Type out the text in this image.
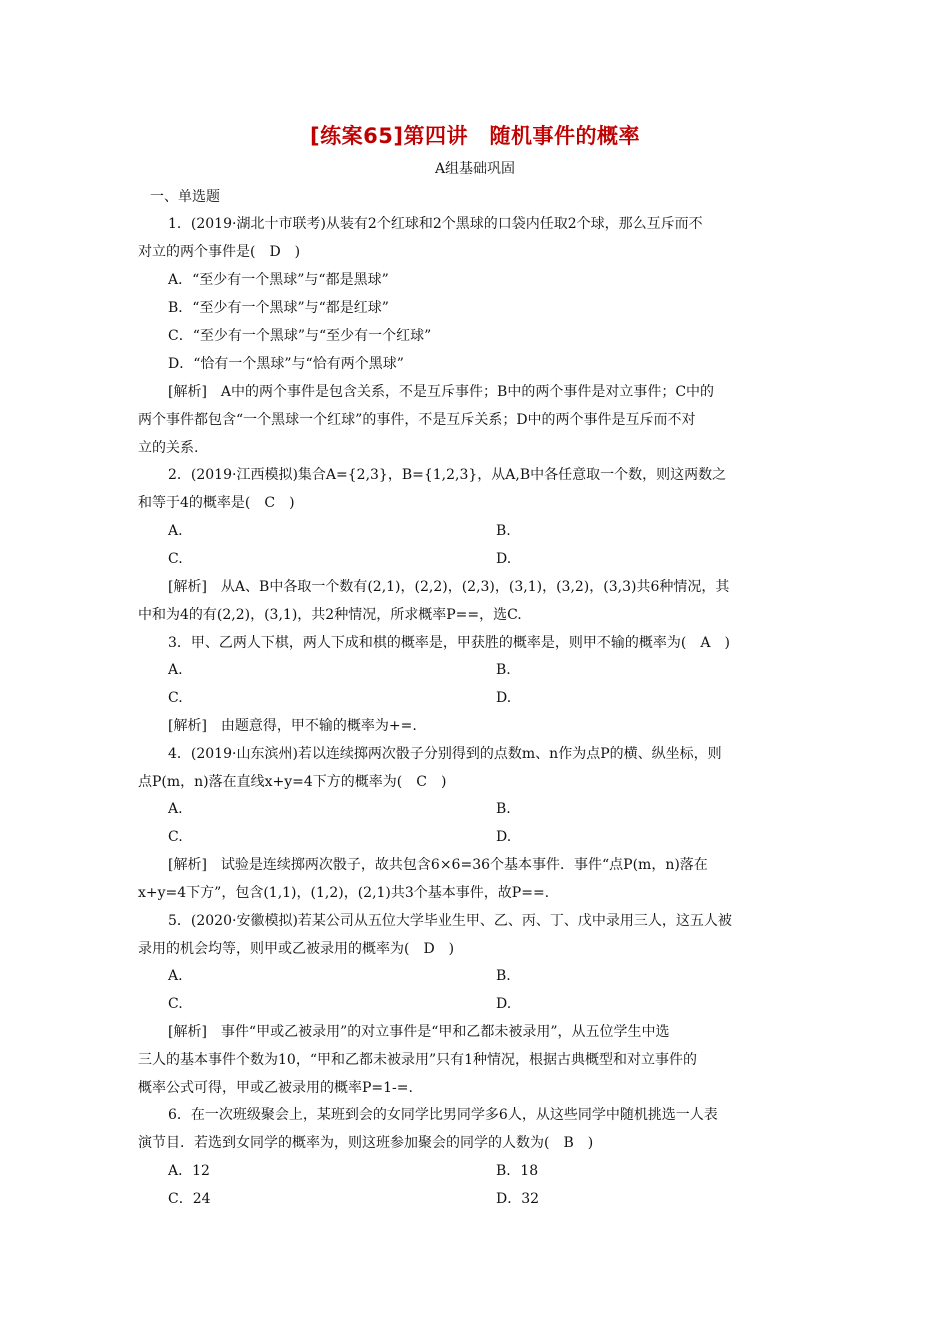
[练案65]第四讲　随机事件的概率
A组基础巩固
一、单选题
1．(2019·湖北十市联考)从装有2个红球和2个黑球的口袋内任取2个球，那么互斥而不
对立的两个事件是(　D　)
A．“至少有一个黑球”与“都是黑球”
B．“至少有一个黑球”与“都是红球”
C．“至少有一个黑球”与“至少有一个红球”
D．“恰有一个黑球”与“恰有两个黑球”
[解析]　A中的两个事件是包含关系，不是互斥事件；B中的两个事件是对立事件；C中的
两个事件都包含“一个黑球一个红球”的事件，不是互斥关系；D中的两个事件是互斥而不对
立的关系.
2．(2019·江西模拟)集合A={2,3}，B={1,2,3}，从A,B中各任意取一个数，则这两数之
和等于4的概率是(　C　)
A.	B.
C.	D.
[解析]　从A、B中各取一个数有(2,1)，(2,2)，(2,3)，(3,1)，(3,2)，(3,3)共6种情况，其
中和为4的有(2,2)，(3,1)，共2种情况，所求概率P==，选C.
3．甲、乙两人下棋，两人下成和棋的概率是，甲获胜的概率是，则甲不输的概率为(　A　)
A.	B.
C.	D.
[解析]　由题意得，甲不输的概率为+=.
4．(2019·山东滨州)若以连续掷两次骰子分别得到的点数m、n作为点P的横、纵坐标，则
点P(m，n)落在直线x+y=4下方的概率为(　C　)
A.	B.
C.	D.
[解析]　试验是连续掷两次骰子，故共包含6×6=36个基本事件．事件“点P(m，n)落在
x+y=4下方”，包含(1,1)，(1,2)，(2,1)共3个基本事件，故P==.
5．(2020·安徽模拟)若某公司从五位大学毕业生甲、乙、丙、丁、戊中录用三人，这五人被
录用的机会均等，则甲或乙被录用的概率为(　D　)
A.	B.
C.	D.
[解析]　事件“甲或乙被录用”的对立事件是“甲和乙都未被录用”，从五位学生中选
三人的基本事件个数为10，“甲和乙都未被录用”只有1种情况，根据古典概型和对立事件的
概率公式可得，甲或乙被录用的概率P=1-=.
6．在一次班级聚会上，某班到会的女同学比男同学多6人，从这些同学中随机挑选一人表
演节目．若选到女同学的概率为，则这班参加聚会的同学的人数为(　B　)
A．12	B．18
C．24	D．32
